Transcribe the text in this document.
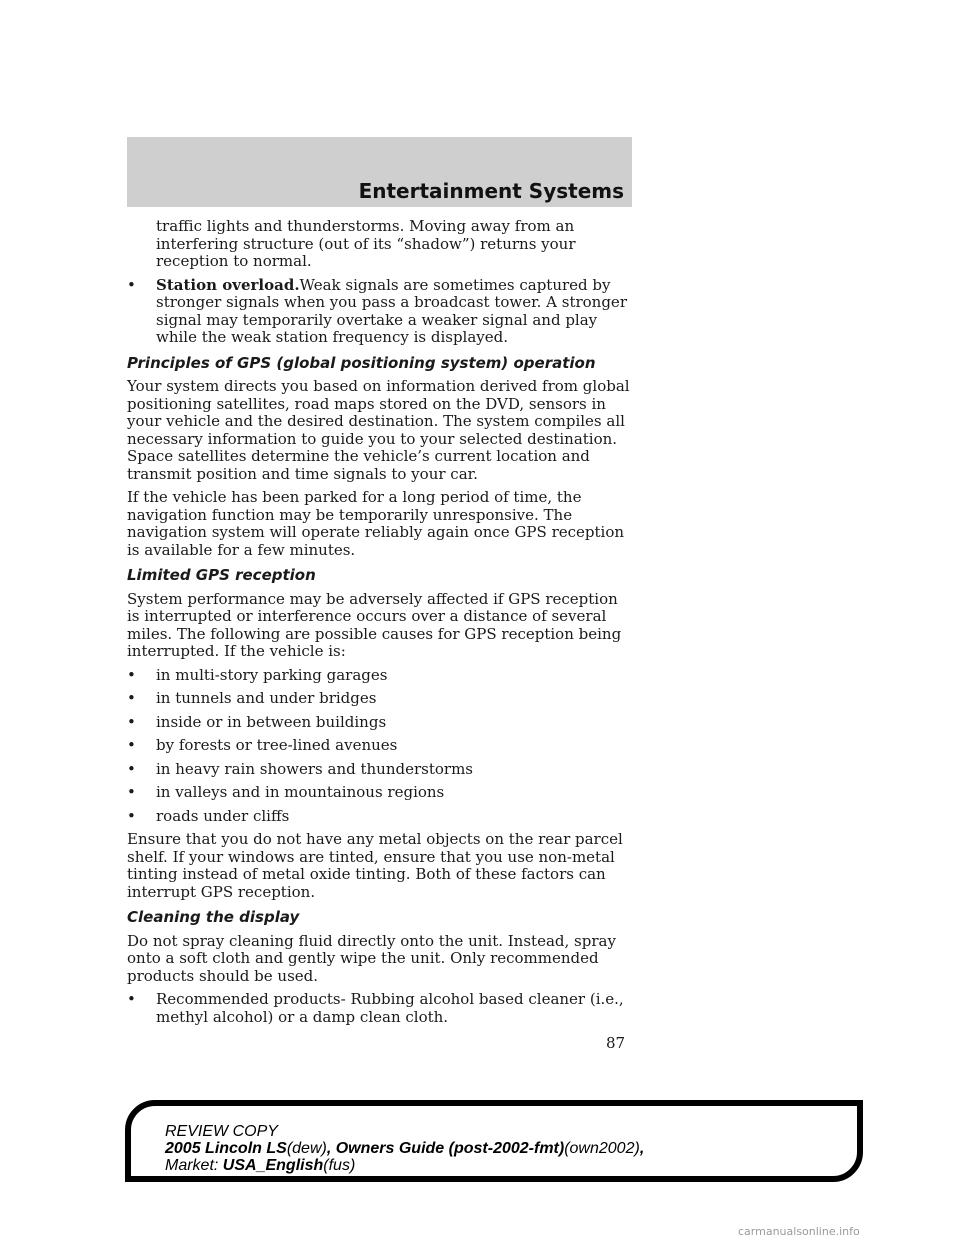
Entertainment Systems

traffic lights and thunderstorms. Moving away from an interfering structure (out of its “shadow”) returns your reception to normal.

•	Station overload.Weak signals are sometimes captured by stronger signals when you pass a broadcast tower. A stronger signal may temporarily overtake a weaker signal and play while the weak station frequency is displayed.
Principles of GPS (global positioning system) operation

Your system directs you based on information derived from global positioning satellites, road maps stored on the DVD, sensors in your vehicle and the desired destination. The system compiles all necessary information to guide you to your selected destination. Space satellites determine the vehicle’s current location and transmit position and time signals to your car.

If the vehicle has been parked for a long period of time, the navigation function may be temporarily unresponsive. The navigation system will operate reliably again once GPS reception is available for a few minutes.

Limited GPS reception

System performance may be adversely affected if GPS reception is interrupted or interference occurs over a distance of several miles. The following are possible causes for GPS reception being interrupted. If the vehicle is:

•	in multi-story parking garages
•	in tunnels and under bridges
•	inside or in between buildings
•	by forests or tree-lined avenues
•	in heavy rain showers and thunderstorms
•	in valleys and in mountainous regions
•	roads under cliffs

Ensure that you do not have any metal objects on the rear parcel shelf. If your windows are tinted, ensure that you use non-metal tinting instead of metal oxide tinting. Both of these factors can interrupt GPS reception.

Cleaning the display

Do not spray cleaning fluid directly onto the unit. Instead, spray onto a soft cloth and gently wipe the unit. Only recommended products should be used.

•	Recommended products- Rubbing alcohol based cleaner (i.e., methyl alcohol) or a damp clean cloth.
87
REVIEW COPY
2005 Lincoln LS(dew), Owners Guide (post-2002-fmt)(own2002),
Market: USA_English(fus)
carmanualsonline.info
